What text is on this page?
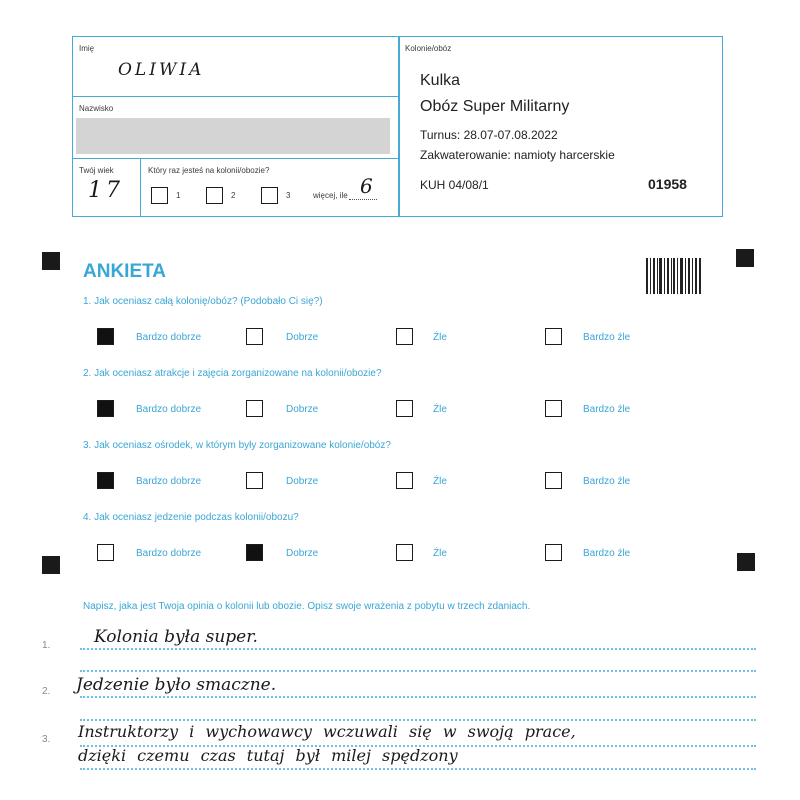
Imię
OLIWIA
Nazwisko
Twój wiek
17
Który raz jesteś na kolonii/obozie?
1	2	3	więcej, ile 6
Kolonie/obóz
Kulka
Obóz Super Militarny
Turnus: 28.07-07.08.2022
Zakwaterowanie: namioty harcerskie
KUH 04/08/1	01958
ANKIETA
1. Jak oceniasz całą kolonię/obóz? (Podobało Ci się?)
Bardzo dobrze	Dobrze	Źle	Bardzo źle
2. Jak oceniasz atrakcje i zajęcia zorganizowane na kolonii/obozie?
Bardzo dobrze	Dobrze	Źle	Bardzo źle
3. Jak oceniasz ośrodek, w którym były zorganizowane kolonie/obóz?
Bardzo dobrze	Dobrze	Źle	Bardzo źle
4. Jak oceniasz jedzenie podczas kolonii/obozu?
Bardzo dobrze	Dobrze	Źle	Bardzo źle
Napisz, jaka jest Twoja opinia o kolonii lub obozie. Opisz swoje wrażenia z pobytu w trzech zdaniach.
1.	Kolonia była super.
2. Jedzenie było smaczne.
3. Instruktorzy i wychowawcy wczuwali się w swoją prace,
dzięki czemu czas tutaj był milej spędzony
